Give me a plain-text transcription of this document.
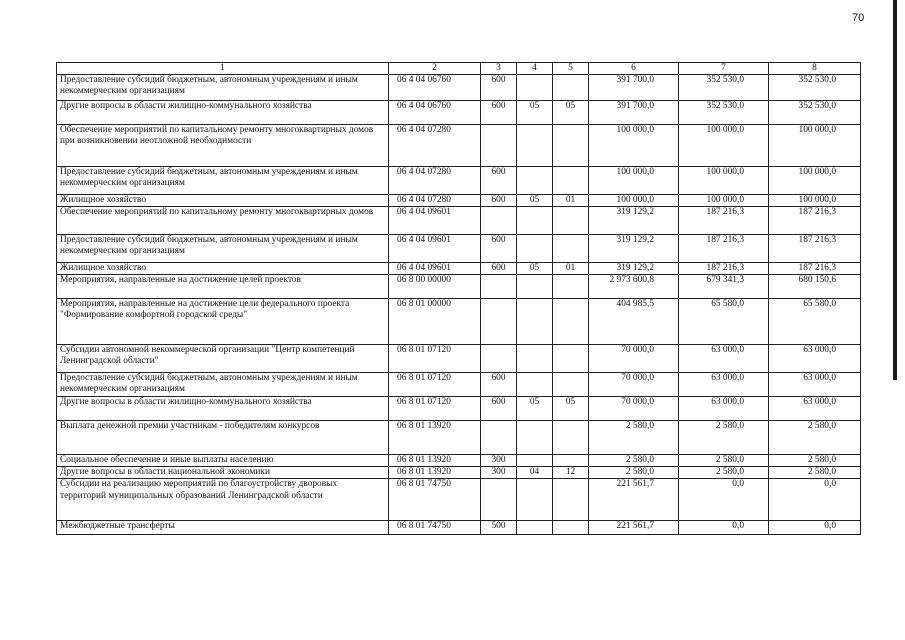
70
1	2	3	4	5	6	7	8
Предоставление субсидий бюджетным, автономным учреждениям и иным некоммерческим организациям	06 4 04 06760	600			391 700,0	352 530,0	352 530,0
Другие вопросы в области жилищно-коммунального хозяйства	06 4 04 06760	600	05	05	391 700,0	352 530,0	352 530,0
Обеспечение мероприятий по капитальному ремонту многоквартирных домов при возникновении неотложной необходимости	06 4 04 07280				100 000,0	100 000,0	100 000,0
Предоставление субсидий бюджетным, автономным учреждениям и иным некоммерческим организациям	06 4 04 07280	600			100 000,0	100 000,0	100 000,0
Жилищное хозяйство	06 4 04 07280	600	05	01	100 000,0	100 000,0	100 000,0
Обеспечение мероприятий по капитальному ремонту многоквартирных домов	06 4 04 09601				319 129,2	187 216,3	187 216,3
Предоставление субсидий бюджетным, автономным учреждениям и иным некоммерческим организациям	06 4 04 09601	600			319 129,2	187 216,3	187 216,3
Жилищное хозяйство	06 4 04 09601	600	05	01	319 129,2	187 216,3	187 216,3
Мероприятия, направленные на достижение целей проектов	06 8 00 00000				2 973 600,8	679 341,3	680 150,6
Мероприятия, направленные на достижение цели федерального проекта "Формирование комфортной городской среды"	06 8 01 00000				404 985,5	65 580,0	65 580,0
Субсидии автономной некоммерческой организации "Центр компетенций Ленинградской области"	06 8 01 07120				70 000,0	63 000,0	63 000,0
Предоставление субсидий бюджетным, автономным учреждениям и иным некоммерческим организациям	06 8 01 07120	600			70 000,0	63 000,0	63 000,0
Другие вопросы в области жилищно-коммунального хозяйства	06 8 01 07120	600	05	05	70 000,0	63 000,0	63 000,0
Выплата денежной премии участникам - победителям конкурсов	06 8 01 13920				2 580,0	2 580,0	2 580,0
Социальное обеспечение и иные выплаты населению	06 8 01 13920	300			2 580,0	2 580,0	2 580,0
Другие вопросы в области национальной экономики	06 8 01 13920	300	04	12	2 580,0	2 580,0	2 580,0
Субсидии на реализацию мероприятий по благоустройству дворовых территорий муниципальных образований Ленинградской области	06 8 01 74750				221 561,7	0,0	0,0
Межбюджетные трансферты	06 8 01 74750	500			221 561,7	0,0	0,0
